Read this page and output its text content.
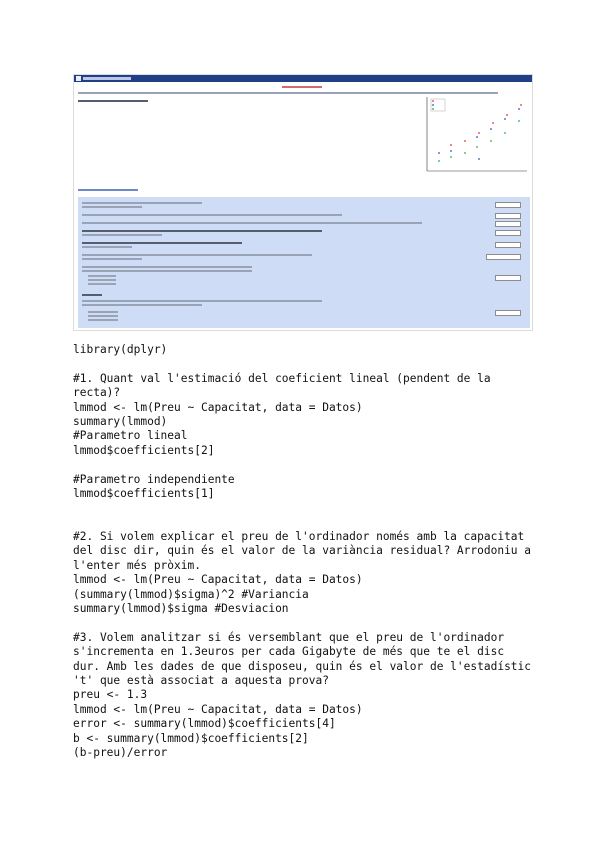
library(dplyr)
#1. Quant val l'estimació del coeficient lineal (pendent de la
recta)?
lmmod <- lm(Preu ~ Capacitat, data = Datos)
summary(lmmod)
#Parametro lineal
lmmod$coefficients[2]
#Parametro independiente
lmmod$coefficients[1]
#2. Si volem explicar el preu de l'ordinador només amb la capacitat
del disc dir, quin és el valor de la variància residual? Arrodoniu a
l'enter més pròxim.
lmmod <- lm(Preu ~ Capacitat, data = Datos)
(summary(lmmod)$sigma)^2 #Variancia
summary(lmmod)$sigma #Desviacion
#3. Volem analitzar si és versemblant que el preu de l'ordinador
s'incrementa en 1.3euros per cada Gigabyte de més que te el disc
dur. Amb les dades de que disposeu, quin és el valor de l'estadístic
't' que està associat a aquesta prova?
preu <- 1.3
lmmod <- lm(Preu ~ Capacitat, data = Datos)
error <- summary(lmmod)$coefficients[4]
b <- summary(lmmod)$coefficients[2]
(b-preu)/error
